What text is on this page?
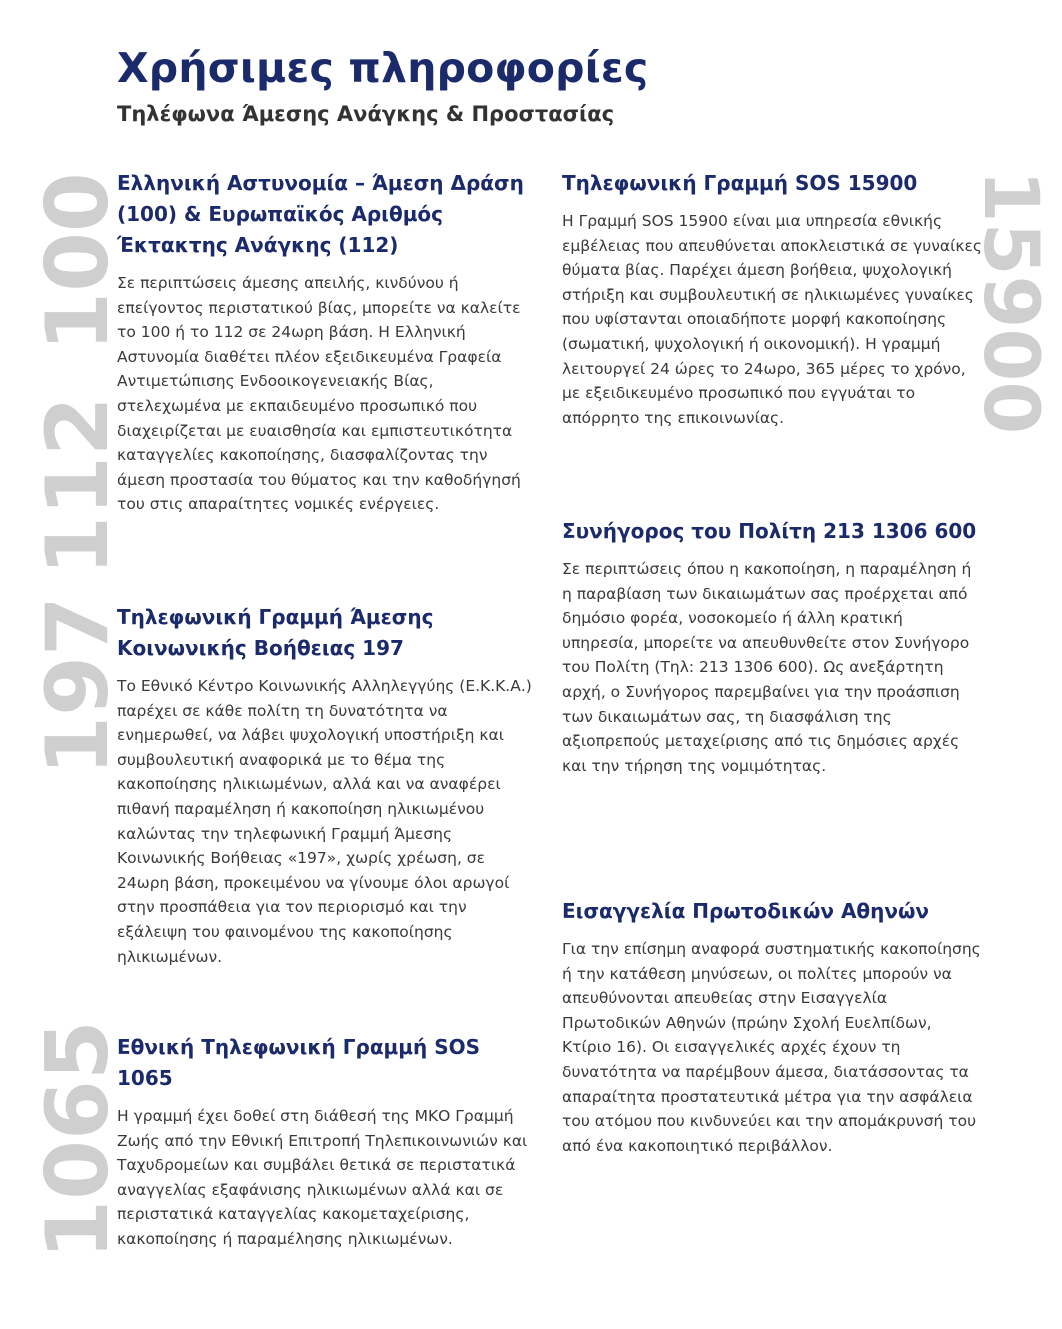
Χρήσιμες πληροφορίες
Τηλέφωνα Άμεσης Ανάγκης & Προστασίας
100
112
197
1065
15900
Ελληνική Αστυνομία – Άμεση Δράση (100) & Ευρωπαϊκός Αριθμός Έκτακτης Ανάγκης (112)

Σε περιπτώσεις άμεσης απειλής, κινδύνου ή επείγοντος περιστατικού βίας, μπορείτε να καλείτε το 100 ή το 112 σε 24ωρη βάση. Η Ελληνική Αστυνομία διαθέτει πλέον εξειδικευμένα Γραφεία Αντιμετώπισης Ενδοοικογενειακής Βίας, στελεχωμένα με εκπαιδευμένο προσωπικό που διαχειρίζεται με ευαισθησία και εμπιστευτικότητα καταγγελίες κακοποίησης, διασφαλίζοντας την άμεση προστασία του θύματος και την καθοδήγησή του στις απαραίτητες νομικές ενέργειες.

Τηλεφωνική Γραμμή Άμεσης Κοινωνικής Βοήθειας 197

Το Εθνικό Κέντρο Κοινωνικής Αλληλεγγύης (Ε.Κ.Κ.Α.) παρέχει σε κάθε πολίτη τη δυνατότητα να ενημερωθεί, να λάβει ψυχολογική υποστήριξη και συμβουλευτική αναφορικά με το θέμα της κακοποίησης ηλικιωμένων, αλλά και να αναφέρει πιθανή παραμέληση ή κακοποίηση ηλικιωμένου καλώντας την τηλεφωνική Γραμμή Άμεσης Κοινωνικής Βοήθειας «197», χωρίς χρέωση, σε 24ωρη βάση, προκειμένου να γίνουμε όλοι αρωγοί στην προσπάθεια για τον περιορισμό και την εξάλειψη του φαινομένου της κακοποίησης ηλικιωμένων.

Εθνική Τηλεφωνική Γραμμή SOS 1065

Η γραμμή έχει δοθεί στη διάθεσή της ΜΚΟ Γραμμή Ζωής από την Εθνική Επιτροπή Τηλεπικοινωνιών και Ταχυδρομείων και συμβάλει θετικά σε περιστατικά αναγγελίας εξαφάνισης ηλικιωμένων αλλά και σε περιστατικά καταγγελίας κακομεταχείρισης, κακοποίησης ή παραμέλησης ηλικιωμένων.

Τηλεφωνική Γραμμή SOS 15900

Η Γραμμή SOS 15900 είναι μια υπηρεσία εθνικής εμβέλειας που απευθύνεται αποκλειστικά σε γυναίκες θύματα βίας. Παρέχει άμεση βοήθεια, ψυχολογική στήριξη και συμβουλευτική σε ηλικιωμένες γυναίκες που υφίστανται οποιαδήποτε μορφή κακοποίησης (σωματική, ψυχολογική ή οικονομική). Η γραμμή λειτουργεί 24 ώρες το 24ωρο, 365 μέρες το χρόνο, με εξειδικευμένο προσωπικό που εγγυάται το απόρρητο της επικοινωνίας.

Συνήγορος του Πολίτη 213 1306 600

Σε περιπτώσεις όπου η κακοποίηση, η παραμέληση ή η παραβίαση των δικαιωμάτων σας προέρχεται από δημόσιο φορέα, νοσοκομείο ή άλλη κρατική υπηρεσία, μπορείτε να απευθυνθείτε στον Συνήγορο του Πολίτη (Τηλ: 213 1306 600). Ως ανεξάρτητη αρχή, ο Συνήγορος παρεμβαίνει για την προάσπιση των δικαιωμάτων σας, τη διασφάλιση της αξιοπρεπούς μεταχείρισης από τις δημόσιες αρχές και την τήρηση της νομιμότητας.

Εισαγγελία Πρωτοδικών Αθηνών

Για την επίσημη αναφορά συστηματικής κακοποίησης ή την κατάθεση μηνύσεων, οι πολίτες μπορούν να απευθύνονται απευθείας στην Εισαγγελία Πρωτοδικών Αθηνών (πρώην Σχολή Ευελπίδων, Κτίριο 16). Οι εισαγγελικές αρχές έχουν τη δυνατότητα να παρέμβουν άμεσα, διατάσσοντας τα απαραίτητα προστατευτικά μέτρα για την ασφάλεια του ατόμου που κινδυνεύει και την απομάκρυνσή του από ένα κακοποιητικό περιβάλλον.
